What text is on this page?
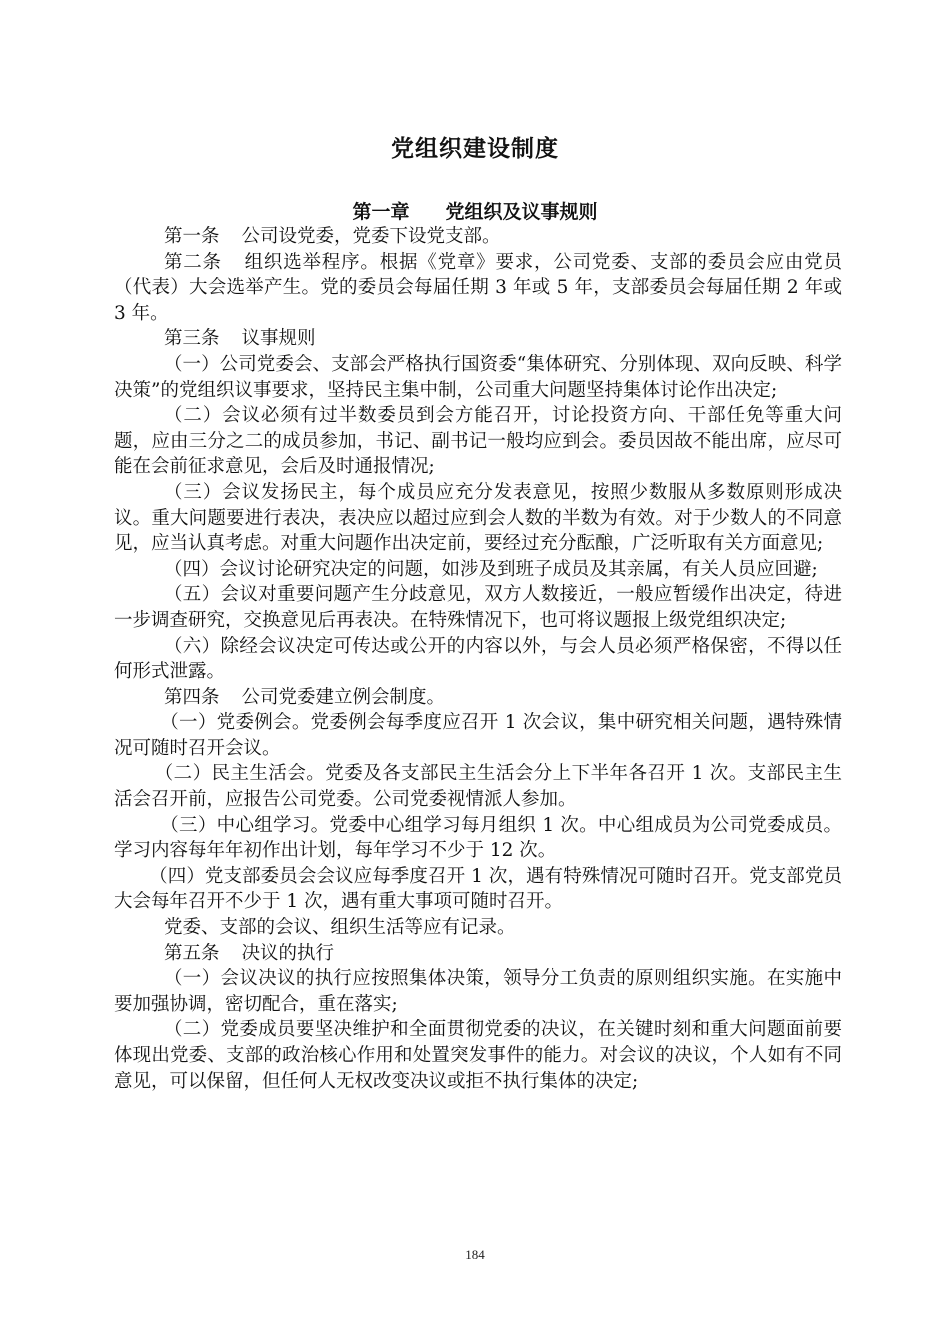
党组织建设制度
第一章 党组织及议事规则

第一条 公司设党委，党委下设党支部。

第二条 组织选举程序。根据《党章》要求，公司党委、支部的委员会应由党员（代表）大会选举产生。党的委员会每届任期 3 年或 5 年，支部委员会每届任期 2 年或 3 年。

第三条 议事规则

（一）公司党委会、支部会严格执行国资委“集体研究、分别体现、双向反映、科学决策”的党组织议事要求，坚持民主集中制，公司重大问题坚持集体讨论作出决定;

（二）会议必须有过半数委员到会方能召开，讨论投资方向、干部任免等重大问题，应由三分之二的成员参加，书记、副书记一般均应到会。委员因故不能出席，应尽可能在会前征求意见，会后及时通报情况;

（三）会议发扬民主，每个成员应充分发表意见，按照少数服从多数原则形成决议。重大问题要进行表决，表决应以超过应到会人数的半数为有效。对于少数人的不同意见，应当认真考虑。对重大问题作出决定前，要经过充分酝酿，广泛听取有关方面意见;

（四）会议讨论研究决定的问题，如涉及到班子成员及其亲属，有关人员应回避;

（五）会议对重要问题产生分歧意见，双方人数接近，一般应暂缓作出决定，待进一步调查研究，交换意见后再表决。在特殊情况下，也可将议题报上级党组织决定;

（六）除经会议决定可传达或公开的内容以外，与会人员必须严格保密，不得以任何形式泄露。

第四条 公司党委建立例会制度。

（一）党委例会。党委例会每季度应召开 1 次会议，集中研究相关问题，遇特殊情况可随时召开会议。

（二）民主生活会。党委及各支部民主生活会分上下半年各召开 1 次。支部民主生活会召开前，应报告公司党委。公司党委视情派人参加。

（三）中心组学习。党委中心组学习每月组织 1 次。中心组成员为公司党委成员。学习内容每年年初作出计划，每年学习不少于 12 次。

（四）党支部委员会会议应每季度召开 1 次，遇有特殊情况可随时召开。党支部党员大会每年召开不少于 1 次，遇有重大事项可随时召开。

党委、支部的会议、组织生活等应有记录。

第五条 决议的执行

（一）会议决议的执行应按照集体决策，领导分工负责的原则组织实施。在实施中要加强协调，密切配合，重在落实;

（二）党委成员要坚决维护和全面贯彻党委的决议，在关键时刻和重大问题面前要体现出党委、支部的政治核心作用和处置突发事件的能力。对会议的决议，个人如有不同意见，可以保留，但任何人无权改变决议或拒不执行集体的决定;

184
